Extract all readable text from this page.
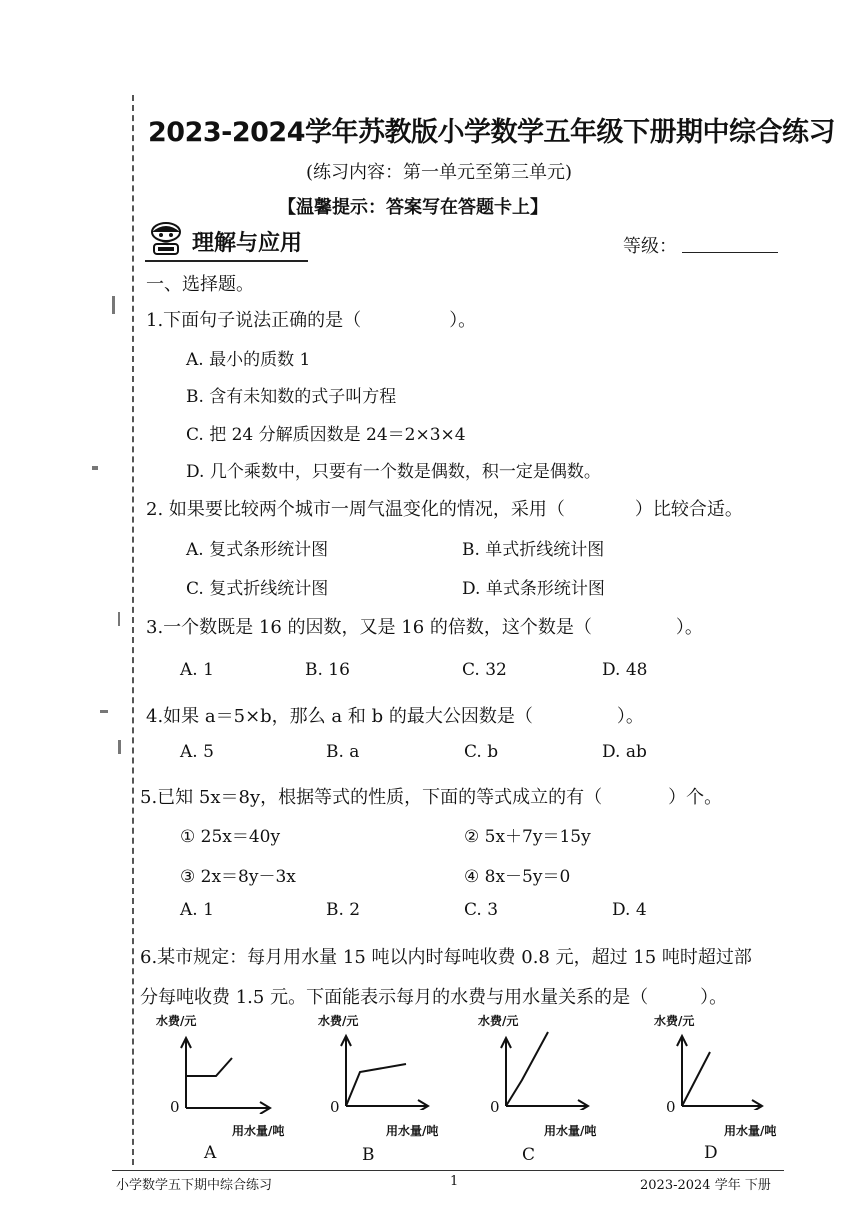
2023-2024学年苏教版小学数学五年级下册期中综合练习
(练习内容：第一单元至第三单元)
【温馨提示：答案写在答题卡上】
理解与应用	等级：
一、选择题。
1.下面句子说法正确的是（	）。
A. 最小的质数 1
B. 含有未知数的式子叫方程
C. 把 24 分解质因数是 24＝2×3×4
D. 几个乘数中，只要有一个数是偶数，积一定是偶数。
2. 如果要比较两个城市一周气温变化的情况，采用（	）比较合适。
A. 复式条形统计图	B. 单式折线统计图
C. 复式折线统计图	D. 单式条形统计图
3.一个数既是 16 的因数，又是 16 的倍数，这个数是（	）。
A. 1	B. 16	C. 32	D. 48
4.如果 a＝5×b，那么 a 和 b 的最大公因数是（	）。
A. 5	B. a	C. b	D. ab
5.已知 5x＝8y，根据等式的性质，下面的等式成立的有（	）个。
① 25x＝40y	② 5x＋7y＝15y
③ 2x＝8y－3x	④ 8x－5y＝0
A. 1	B. 2	C. 3	D. 4
6.某市规定：每月用水量 15 吨以内时每吨收费 0.8 元，超过 15 吨时超过部
分每吨收费 1.5 元。下面能表示每月的水费与用水量关系的是（	）。
水费/元
0
用水量/吨
A
水费/元
0
用水量/吨
B
水费/元
0
用水量/吨
C
水费/元
0
用水量/吨
D
小学数学五下期中综合练习	1	2023-2024 学年 下册
